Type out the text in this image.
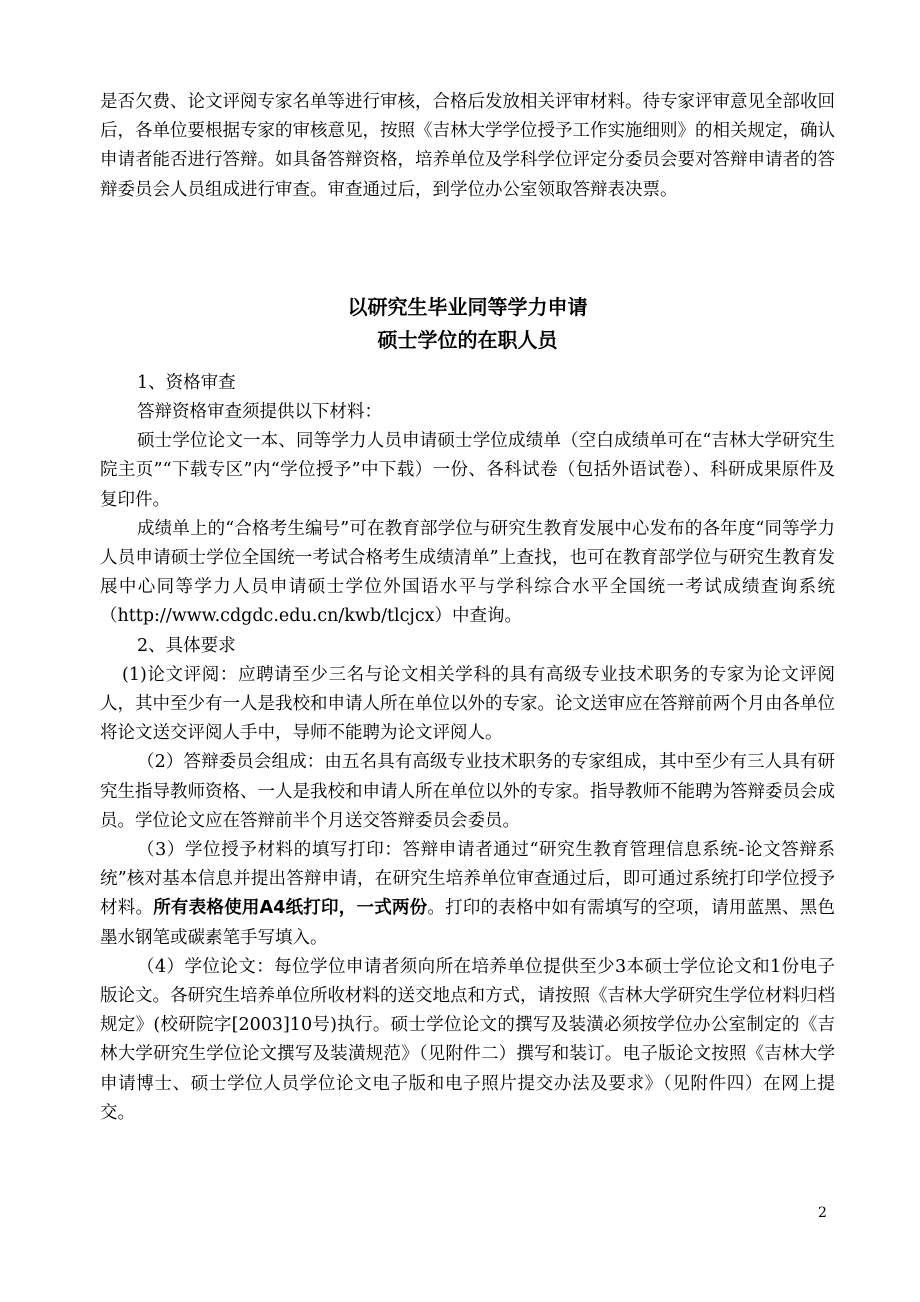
是否欠费、论文评阅专家名单等进行审核，合格后发放相关评审材料。待专家评审意见全部收回后，各单位要根据专家的审核意见，按照《吉林大学学位授予工作实施细则》的相关规定，确认申请者能否进行答辩。如具备答辩资格，培养单位及学科学位评定分委员会要对答辩申请者的答辩委员会人员组成进行审查。审查通过后，到学位办公室领取答辩表决票。

以研究生毕业同等学力申请
硕士学位的在职人员

1、资格审查

答辩资格审查须提供以下材料：

硕士学位论文一本、同等学力人员申请硕士学位成绩单（空白成绩单可在“吉林大学研究生院主页”“下载专区”内“学位授予”中下载）一份、各科试卷（包括外语试卷）、科研成果原件及复印件。

成绩单上的“合格考生编号”可在教育部学位与研究生教育发展中心发布的各年度“同等学力人员申请硕士学位全国统一考试合格考生成绩清单”上查找，也可在教育部学位与研究生教育发展中心同等学力人员申请硕士学位外国语水平与学科综合水平全国统一考试成绩查询系统（http://www.cdgdc.edu.cn/kwb/tlcjcx）中查询。

2、具体要求

(1)论文评阅：应聘请至少三名与论文相关学科的具有高级专业技术职务的专家为论文评阅人，其中至少有一人是我校和申请人所在单位以外的专家。论文送审应在答辩前两个月由各单位将论文送交评阅人手中，导师不能聘为论文评阅人。

（2）答辩委员会组成：由五名具有高级专业技术职务的专家组成，其中至少有三人具有研究生指导教师资格、一人是我校和申请人所在单位以外的专家。指导教师不能聘为答辩委员会成员。学位论文应在答辩前半个月送交答辩委员会委员。

（3）学位授予材料的填写打印：答辩申请者通过“研究生教育管理信息系统-论文答辩系统”核对基本信息并提出答辩申请，在研究生培养单位审查通过后，即可通过系统打印学位授予材料。所有表格使用A4纸打印，一式两份。打印的表格中如有需填写的空项，请用蓝黑、黑色墨水钢笔或碳素笔手写填入。

（4）学位论文：每位学位申请者须向所在培养单位提供至少3本硕士学位论文和1份电子版论文。各研究生培养单位所收材料的送交地点和方式，请按照《吉林大学研究生学位材料归档规定》(校研院字[2003]10号)执行。硕士学位论文的撰写及装潢必须按学位办公室制定的《吉林大学研究生学位论文撰写及装潢规范》（见附件二）撰写和装订。电子版论文按照《吉林大学申请博士、硕士学位人员学位论文电子版和电子照片提交办法及要求》（见附件四）在网上提交。

2
